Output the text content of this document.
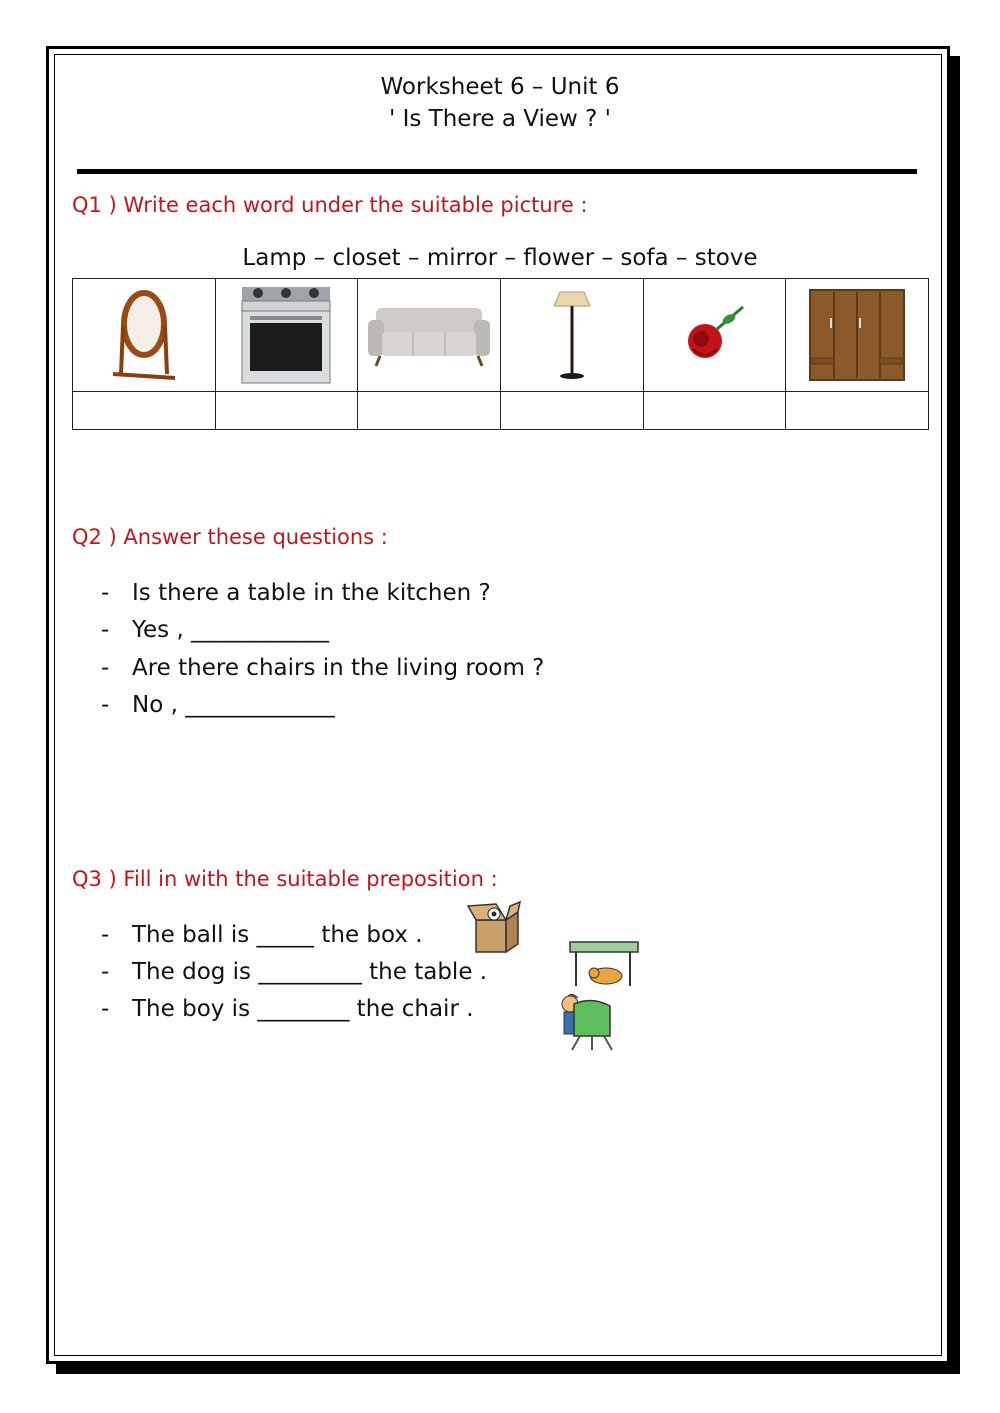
Worksheet 6 – Unit 6
' Is There a View ? '
Q1 ) Write each word under the suitable picture :
Lamp – closet – mirror – flower – sofa – stove

Q2 ) Answer these questions :
- Is there a table in the kitchen ?
- Yes , ____________
- Are there chairs in the living room ?
- No , _____________
Q3 ) Fill in with the suitable preposition :
- The ball is _____ the box .
- The dog is _________ the table .
- The boy is ________ the chair .
